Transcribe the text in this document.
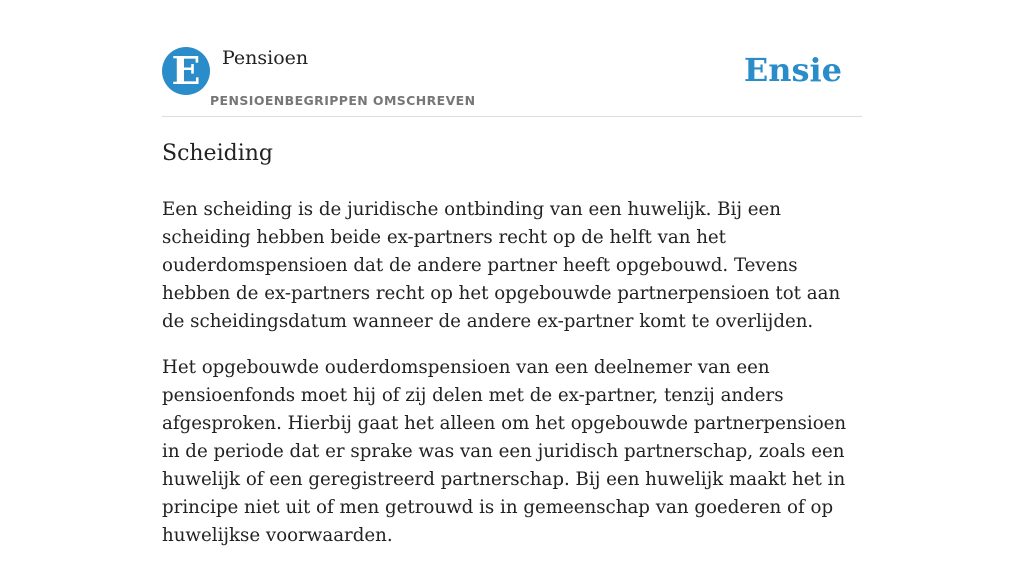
E	Pensioen
PENSIOENBEGRIPPEN OMSCHREVEN
Ensie
Scheiding

Een scheiding is de juridische ontbinding van een huwelijk. Bij een scheiding hebben beide ex-partners recht op de helft van het ouderdomspensioen dat de andere partner heeft opgebouwd. Tevens hebben de ex-partners recht op het opgebouwde partnerpensioen tot aan de scheidingsdatum wanneer de andere ex-partner komt te overlijden.

Het opgebouwde ouderdomspensioen van een deelnemer van een pensioenfonds moet hij of zij delen met de ex-partner, tenzij anders afgesproken. Hierbij gaat het alleen om het opgebouwde partnerpensioen in de periode dat er sprake was van een juridisch partnerschap, zoals een huwelijk of een geregistreerd partnerschap. Bij een huwelijk maakt het in principe niet uit of men getrouwd is in gemeenschap van goederen of op huwelijkse voorwaarden.
